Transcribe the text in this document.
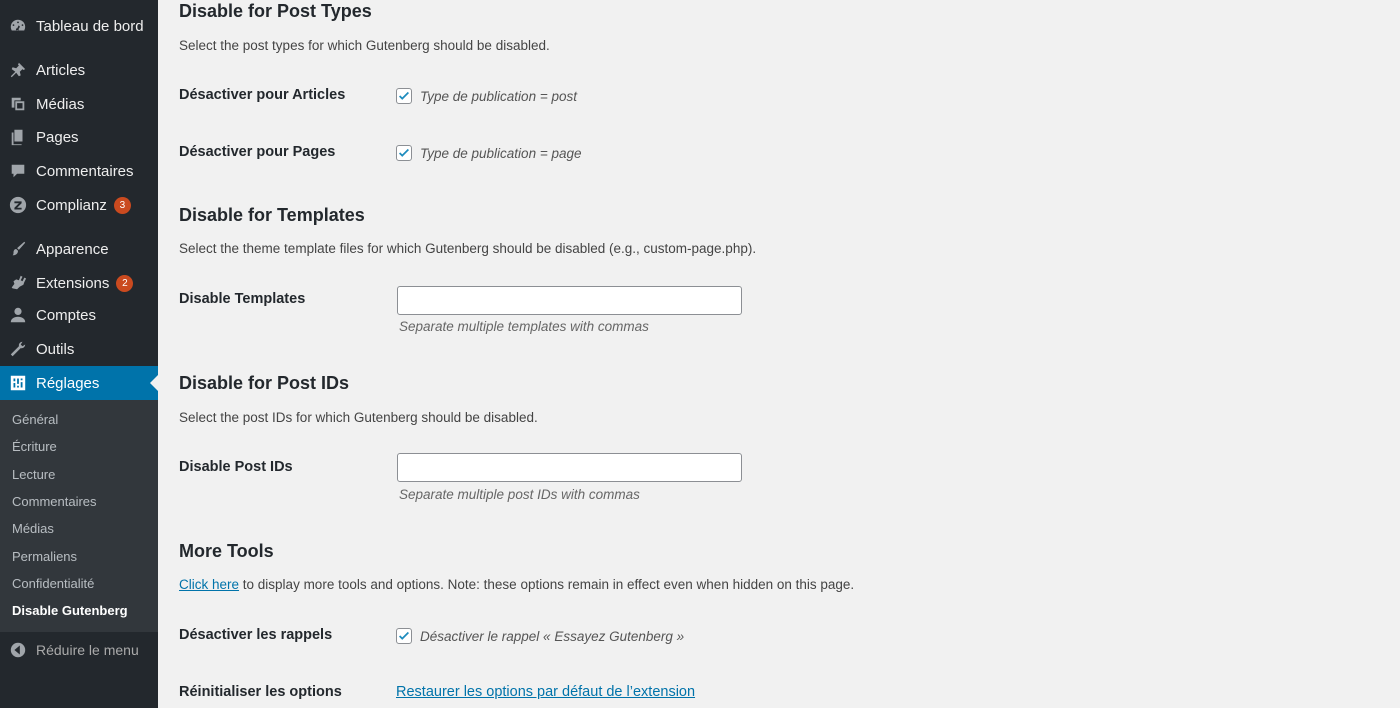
Tableau de bord
Articles
Médias
Pages
Commentaires
Complianz	3
Apparence
Extensions	2
Comptes
Outils
Réglages
Général
Écriture
Lecture
Commentaires
Médias
Permaliens
Confidentialité
Disable Gutenberg
Réduire le menu
Disable for Post Types
Select the post types for which Gutenberg should be disabled.
Désactiver pour Articles	Type de publication = post
Désactiver pour Pages	Type de publication = page
Disable for Templates
Select the theme template files for which Gutenberg should be disabled (e.g., custom-page.php).
Disable Templates
Separate multiple templates with commas
Disable for Post IDs
Select the post IDs for which Gutenberg should be disabled.
Disable Post IDs
Separate multiple post IDs with commas
More Tools
Click here to display more tools and options. Note: these options remain in effect even when hidden on this page.
Désactiver les rappels	Désactiver le rappel « Essayez Gutenberg »
Réinitialiser les options	Restaurer les options par défaut de l’extension
